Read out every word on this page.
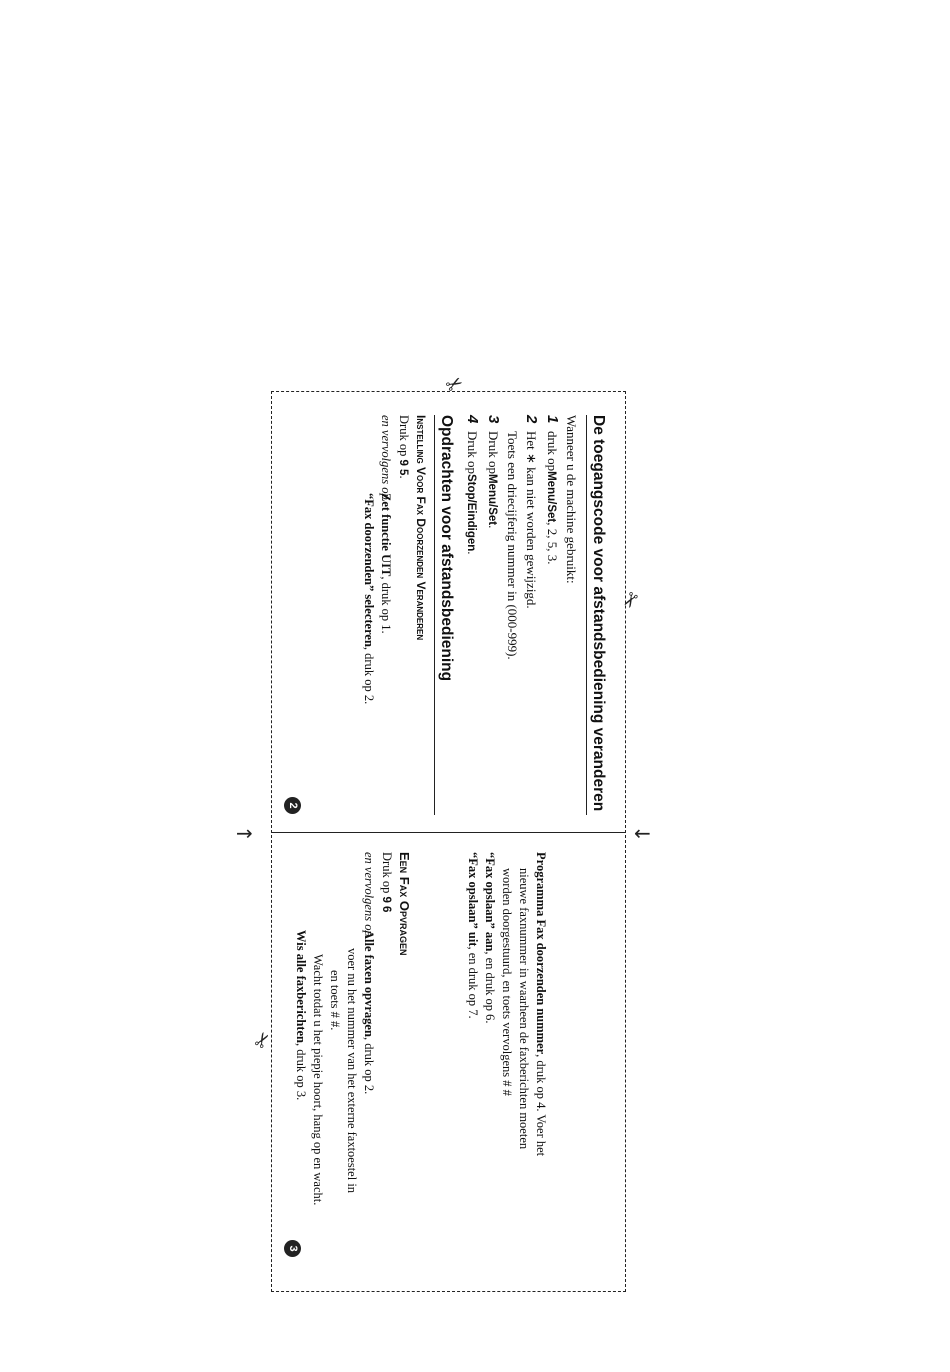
→	←
✂
✂
✂
De toegangscode voor afstandsbediening veranderen

Wanneer u de machine gebruikt:

1
druk op
Menu/Set
, 2, 5, 3.
2
Het ∗ kan niet worden gewijzigd.
Toets een driecijferig nummer in (000-999).
3
Druk op
Menu/Set
.
4
Druk op
Stop/Eindigen
.
Opdrachten voor afstandsbediening
Instelling Voor Fax Doorzenden Veranderen
Druk op 9 5.
en vervolgens op
Zet functie UIT, druk op 1.
“Fax doorzenden” selecteren, druk op 2.
2
Programma Fax doorzenden nummer, druk op 4. Voer het
nieuwe faxnummer in waarheen de faxberichten moeten
worden doorgestuurd, en toets vervolgens # #
“Fax opslaan” aan, en druk op 6.
“Fax opslaan” uit, en druk op 7.
Een Fax Opvragen
Druk op 9 6
en vervolgens op
Alle faxen opvragen, druk op 2.
voer nu het nummer van het externe faxtoestel in
en toets # #.
Wacht totdat u het piepje hoort, hang op en wacht.
Wis alle faxberichten, druk op 3.
3
